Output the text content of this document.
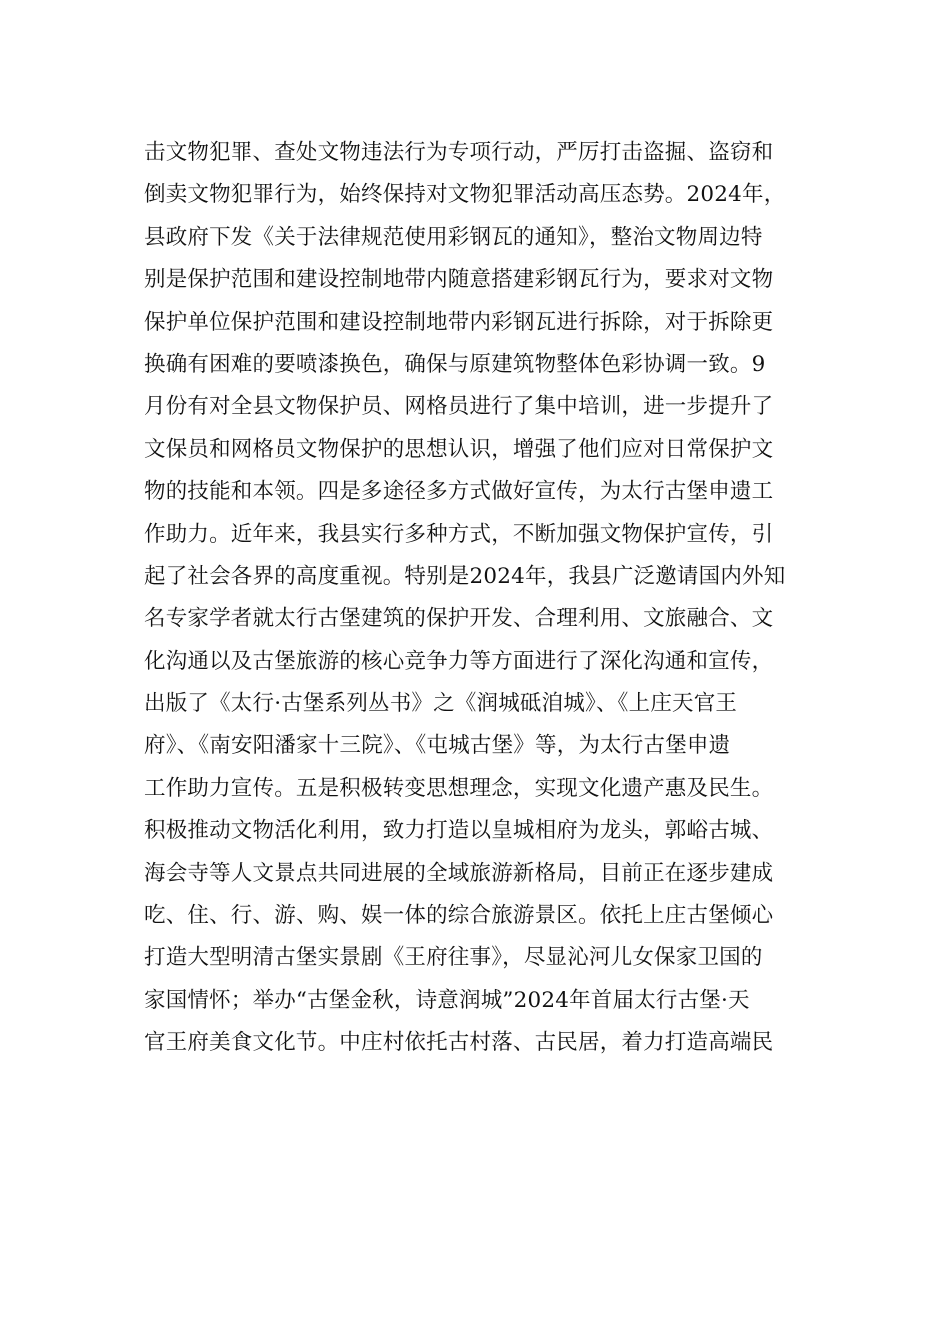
击文物犯罪、查处文物违法行为专项行动，严厉打击盗掘、盗窃和
倒卖文物犯罪行为，始终保持对文物犯罪活动高压态势。2024年，
县政府下发《关于法律规范使用彩钢瓦的通知》，整治文物周边特
别是保护范围和建设控制地带内随意搭建彩钢瓦行为，要求对文物
保护单位保护范围和建设控制地带内彩钢瓦进行拆除，对于拆除更
换确有困难的要喷漆换色，确保与原建筑物整体色彩协调一致。9
月份有对全县文物保护员、网格员进行了集中培训，进一步提升了
文保员和网格员文物保护的思想认识，增强了他们应对日常保护文
物的技能和本领。四是多途径多方式做好宣传，为太行古堡申遗工
作助力。近年来，我县实行多种方式，不断加强文物保护宣传，引
起了社会各界的高度重视。特别是2024年，我县广泛邀请国内外知
名专家学者就太行古堡建筑的保护开发、合理利用、文旅融合、文
化沟通以及古堡旅游的核心竞争力等方面进行了深化沟通和宣传，
出版了《太行·古堡系列丛书》之《润城砥洎城》、《上庄天官王
府》、《南安阳潘家十三院》、《屯城古堡》等，为太行古堡申遗
工作助力宣传。五是积极转变思想理念，实现文化遗产惠及民生。
积极推动文物活化利用，致力打造以皇城相府为龙头，郭峪古城、
海会寺等人文景点共同进展的全域旅游新格局，目前正在逐步建成
吃、住、行、游、购、娱一体的综合旅游景区。依托上庄古堡倾心
打造大型明清古堡实景剧《王府往事》，尽显沁河儿女保家卫国的
家国情怀；举办“古堡金秋，诗意润城”2024年首届太行古堡·天
官王府美食文化节。中庄村依托古村落、古民居，着力打造高端民
